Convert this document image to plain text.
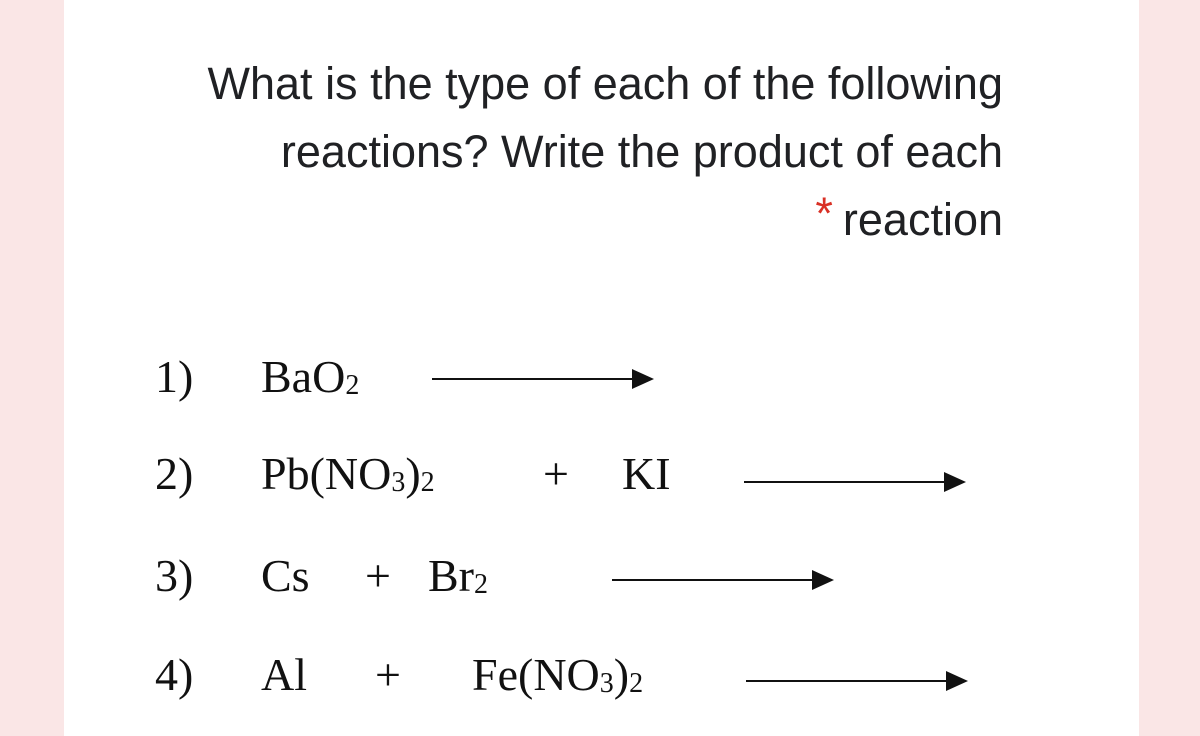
What is the type of each of the following
reactions? Write the product of each
* reaction
1) BaO$_2$
2) $Pb(NO_3)_2$ + KI
3) $Cs + Br_2$
4) $Al + Fe(NO_3)_2$
